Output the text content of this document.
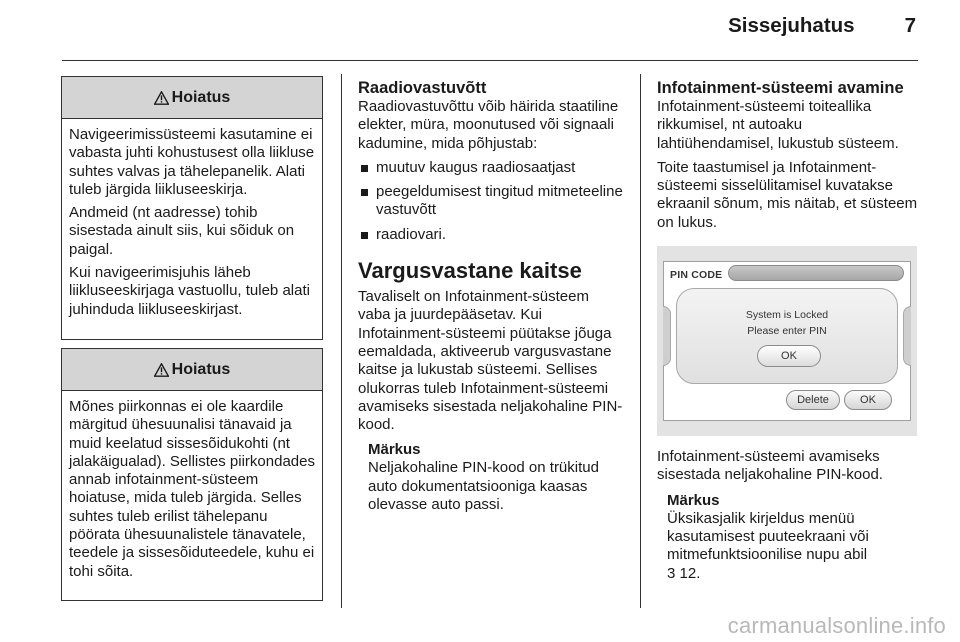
Sissejuhatus 7
Hoiatus

Navigeerimissüsteemi kasutamine ei vabasta juhti kohustusest olla liikluse suhtes valvas ja tähelepanelik. Alati tuleb järgida liikluseeskirja.

Andmeid (nt aadresse) tohib sisestada ainult siis, kui sõiduk on paigal.

Kui navigeerimisjuhis läheb liikluseeskirjaga vastuollu, tuleb alati juhinduda liikluseeskirjast.

Hoiatus

Mõnes piirkonnas ei ole kaardile märgitud ühesuunalisi tänavaid ja muid keelatud sissesõidukohti (nt jalakäigualad). Sellistes piirkondades annab infotainment-süsteem hoiatuse, mida tuleb järgida. Selles suhtes tuleb erilist tähelepanu pöörata ühesuunalistele tänavatele, teedele ja sissesõiduteedele, kuhu ei tohi sõita.

Raadiovastuvõtt

Raadiovastuvõttu võib häirida staatiline elekter, müra, moonutused või signaali kadumine, mida põhjustab:

muutuv kaugus raadiosaatjast
peegeldumisest tingitud mitmeteeline vastuvõtt
raadiovari.
Vargusvastane kaitse

Tavaliselt on Infotainment-süsteem vaba ja juurdepääsetav. Kui Infotainment-süsteemi püütakse jõuga eemaldada, aktiveerub vargusvastane kaitse ja lukustab süsteemi. Sellises olukorras tuleb Infotainment-süsteemi avamiseks sisestada neljakohaline PIN-kood.

Märkus

Neljakohaline PIN-kood on trükitud auto dokumentatsiooniga kaasas olevasse auto passi.

Infotainment-süsteemi avamine

Infotainment-süsteemi toiteallika rikkumisel, nt autoaku lahtiühendamisel, lukustub süsteem.

Toite taastumisel ja Infotainment-süsteemi sisselülitamisel kuvatakse ekraanil sõnum, mis näitab, et süsteem on lukus.

PIN CODE
System is Locked
Please enter PIN
OK
Delete	OK

Infotainment-süsteemi avamiseks sisestada neljakohaline PIN-kood.

Märkus

Üksikasjalik kirjeldus menüü kasutamisest puuteekraani või mitmefunktsioonilise nupu abil

3 12.

carmanualsonline.info
